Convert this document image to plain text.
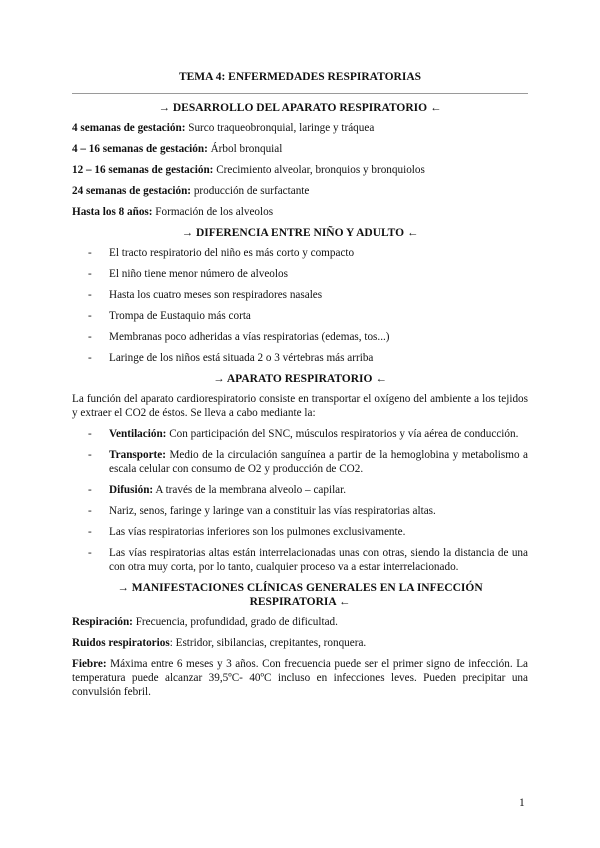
TEMA 4: ENFERMEDADES RESPIRATORIAS
→ DESARROLLO DEL APARATO RESPIRATORIO ←
4 semanas de gestación: Surco traqueobronquial, laringe y tráquea
4 – 16 semanas de gestación: Árbol bronquial
12 – 16 semanas de gestación: Crecimiento alveolar, bronquios y bronquiolos
24 semanas de gestación: producción de surfactante
Hasta los 8 años: Formación de los alveolos
→ DIFERENCIA ENTRE NIÑO Y ADULTO ←
- El tracto respiratorio del niño es más corto y compacto
- El niño tiene menor número de alveolos
- Hasta los cuatro meses son respiradores nasales
- Trompa de Eustaquio más corta
- Membranas poco adheridas a vías respiratorias (edemas, tos...)
- Laringe de los niños está situada 2 o 3 vértebras más arriba
→ APARATO RESPIRATORIO ←
La función del aparato cardiorespiratorio consiste en transportar el oxígeno del ambiente a los tejidos y extraer el CO2 de éstos. Se lleva a cabo mediante la:
- Ventilación: Con participación del SNC, músculos respiratorios y vía aérea de conducción.
- Transporte: Medio de la circulación sanguínea a partir de la hemoglobina y metabolismo a escala celular con consumo de O2 y producción de CO2.
- Difusión: A través de la membrana alveolo – capilar.
- Nariz, senos, faringe y laringe van a constituir las vías respiratorias altas.
- Las vías respiratorias inferiores son los pulmones exclusivamente.
- Las vías respiratorias altas están interrelacionadas unas con otras, siendo la distancia de una con otra muy corta, por lo tanto, cualquier proceso va a estar interrelacionado.
→ MANIFESTACIONES CLÍNICAS GENERALES EN LA INFECCIÓN
RESPIRATORIA ←
Respiración: Frecuencia, profundidad, grado de dificultad.
Ruidos respiratorios: Estridor, sibilancias, crepitantes, ronquera.
Fiebre: Máxima entre 6 meses y 3 años. Con frecuencia puede ser el primer signo de infección. La temperatura puede alcanzar 39,5ºC- 40ºC incluso en infecciones leves. Pueden precipitar una convulsión febril.
1
